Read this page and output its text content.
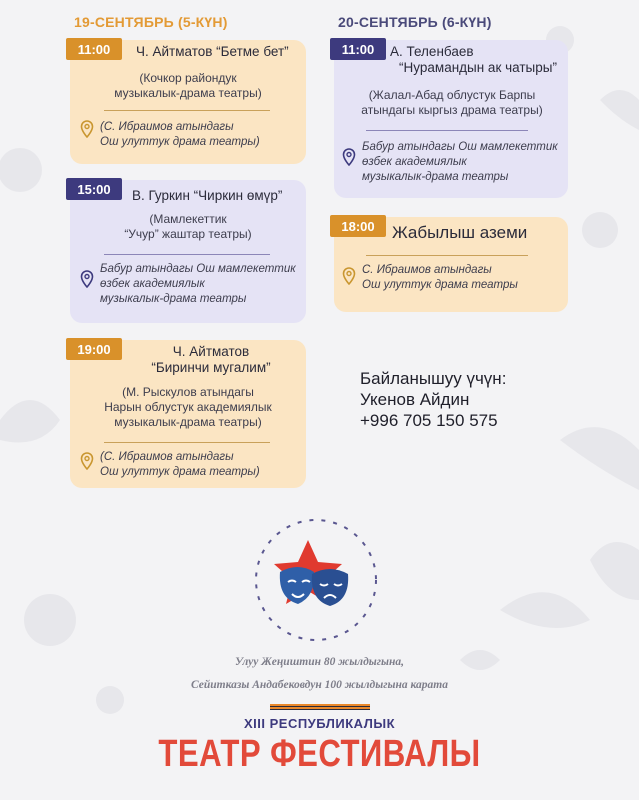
19-СЕНТЯБРЬ (5-КҮН)	20-СЕНТЯБРЬ (6-КҮН)
11:00	Ч. Айтматов “Бетме бет”
(Кочкор райондук
музыкалык-драма театры)
(С. Ибраимов атындагы
Ош улуттук драма театры)
15:00	В. Гуркин “Чиркин өмүр”
(Мамлекеттик
“Учур” жаштар театры)
Бабур атындагы Ош мамлекеттик
өзбек академиялык
музыкалык-драма театры
19:00	Ч. Айтматов
“Биринчи мугалим”
(М. Рыскулов атындагы
Нарын облустук академиялык
музыкалык-драма театры)
(С. Ибраимов атындагы
Ош улуттук драма театры)
11:00	А. Теленбаев
“Нурамандын ак чатыры”
(Жалал-Абад облустук Барпы
атындагы кыргыз драма театры)
Бабур атындагы Ош мамлекеттик
өзбек академиялык
музыкалык-драма театры
18:00	Жабылыш аземи
С. Ибраимов атындагы
Ош улуттук драма театры
Байланышуу үчүн:
Укенов Айдин
+996 705 150 575
Улуу Жеңиштин 80 жылдыгына,
Сейитказы Андабековдун 100 жылдыгына карата
XIII РЕСПУБЛИКАЛЫК
ТЕАТР ФЕСТИВАЛЫ
